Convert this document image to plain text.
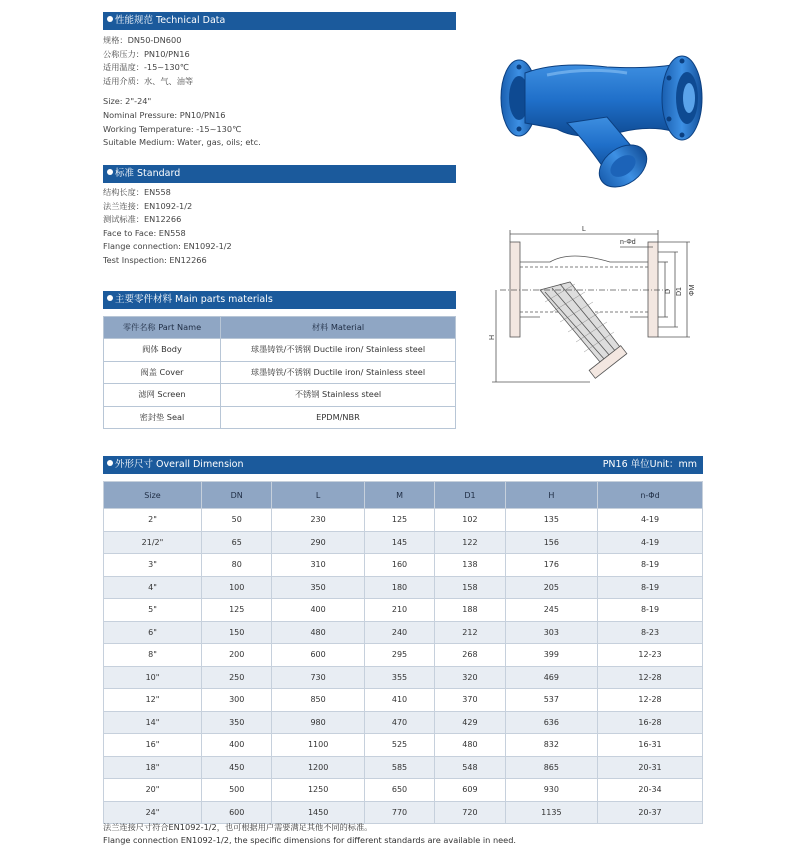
性能规范 Technical Data
规格：DN50-DN600
公称压力：PN10/PN16
适用温度：-15~130℃
适用介质：水、气、油等
Size: 2"-24"
Nominal Pressure: PN10/PN16
Working Temperature: -15~130℃
Suitable Medium: Water, gas, oils; etc.
标准 Standard
结构长度：EN558
法兰连接：EN1092-1/2
测试标准：EN12266
Face to Face: EN558
Flange connection: EN1092-1/2
Test Inspection: EN12266
主要零件材料 Main parts materials
零件名称 Part Name	材料 Material
阀体 Body	球墨铸铁/不锈钢 Ductile iron/ Stainless steel
阀盖 Cover	球墨铸铁/不锈钢 Ductile iron/ Stainless steel
滤网 Screen	不锈钢 Stainless steel
密封垫 Seal	EPDM/NBR
L
n-Φd
D D1 ΦM
H
外形尺寸 Overall Dimension	PN16 单位Unit：mm
Size	DN	L	M	D1	H	n-Φd
2"	50	230	125	102	135	4-19
21/2"	65	290	145	122	156	4-19
3"	80	310	160	138	176	8-19
4"	100	350	180	158	205	8-19
5"	125	400	210	188	245	8-19
6"	150	480	240	212	303	8-23
8"	200	600	295	268	399	12-23
10"	250	730	355	320	469	12-28
12"	300	850	410	370	537	12-28
14"	350	980	470	429	636	16-28
16"	400	1100	525	480	832	16-31
18"	450	1200	585	548	865	20-31
20"	500	1250	650	609	930	20-34
24"	600	1450	770	720	1135	20-37
法兰连接尺寸符合EN1092-1/2，也可根据用户需要满足其他不同的标准。
Flange connection EN1092-1/2, the specific dimensions for different standards are available in need.
